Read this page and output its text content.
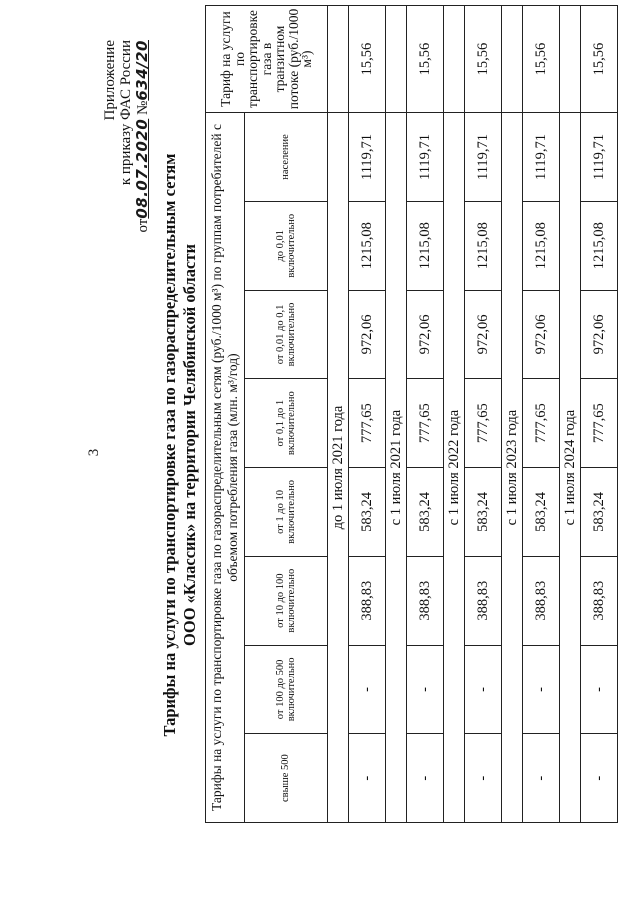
3
Приложение к приказу ФАС России
от08.07.2020 №634/20
Тарифы на услуги по транспортировке газа по газораспределительным сетям ООО «Классик» на территории Челябинской области Тарифы на услуги по транспортировке газа по газораспределительным сетям (руб./1000 м³) по группам потребителей с объемом потребления газа (млн. м³/год)								Тариф на услуги по транспортировке газа в транзитном потоке (руб./1000 м³)
свыше 500	от 100 до 500 включительно	от 10 до 100 включительно	от 1 до 10 включительно	от 0,1 до 1 включительно	от 0,01 до 0,1 включительно	до 0,01 включительно	население	
до 1 июля 2021 года								
-	-	388,83	583,24	777,65	972,06	1215,08	1119,71	15,56
с 1 июля 2021 года								
-	-	388,83	583,24	777,65	972,06	1215,08	1119,71	15,56
с 1 июля 2022 года								
-	-	388,83	583,24	777,65	972,06	1215,08	1119,71	15,56
с 1 июля 2023 года								
-	-	388,83	583,24	777,65	972,06	1215,08	1119,71	15,56
с 1 июля 2024 года								
-	-	388,83	583,24	777,65	972,06	1215,08	1119,71	15,56
